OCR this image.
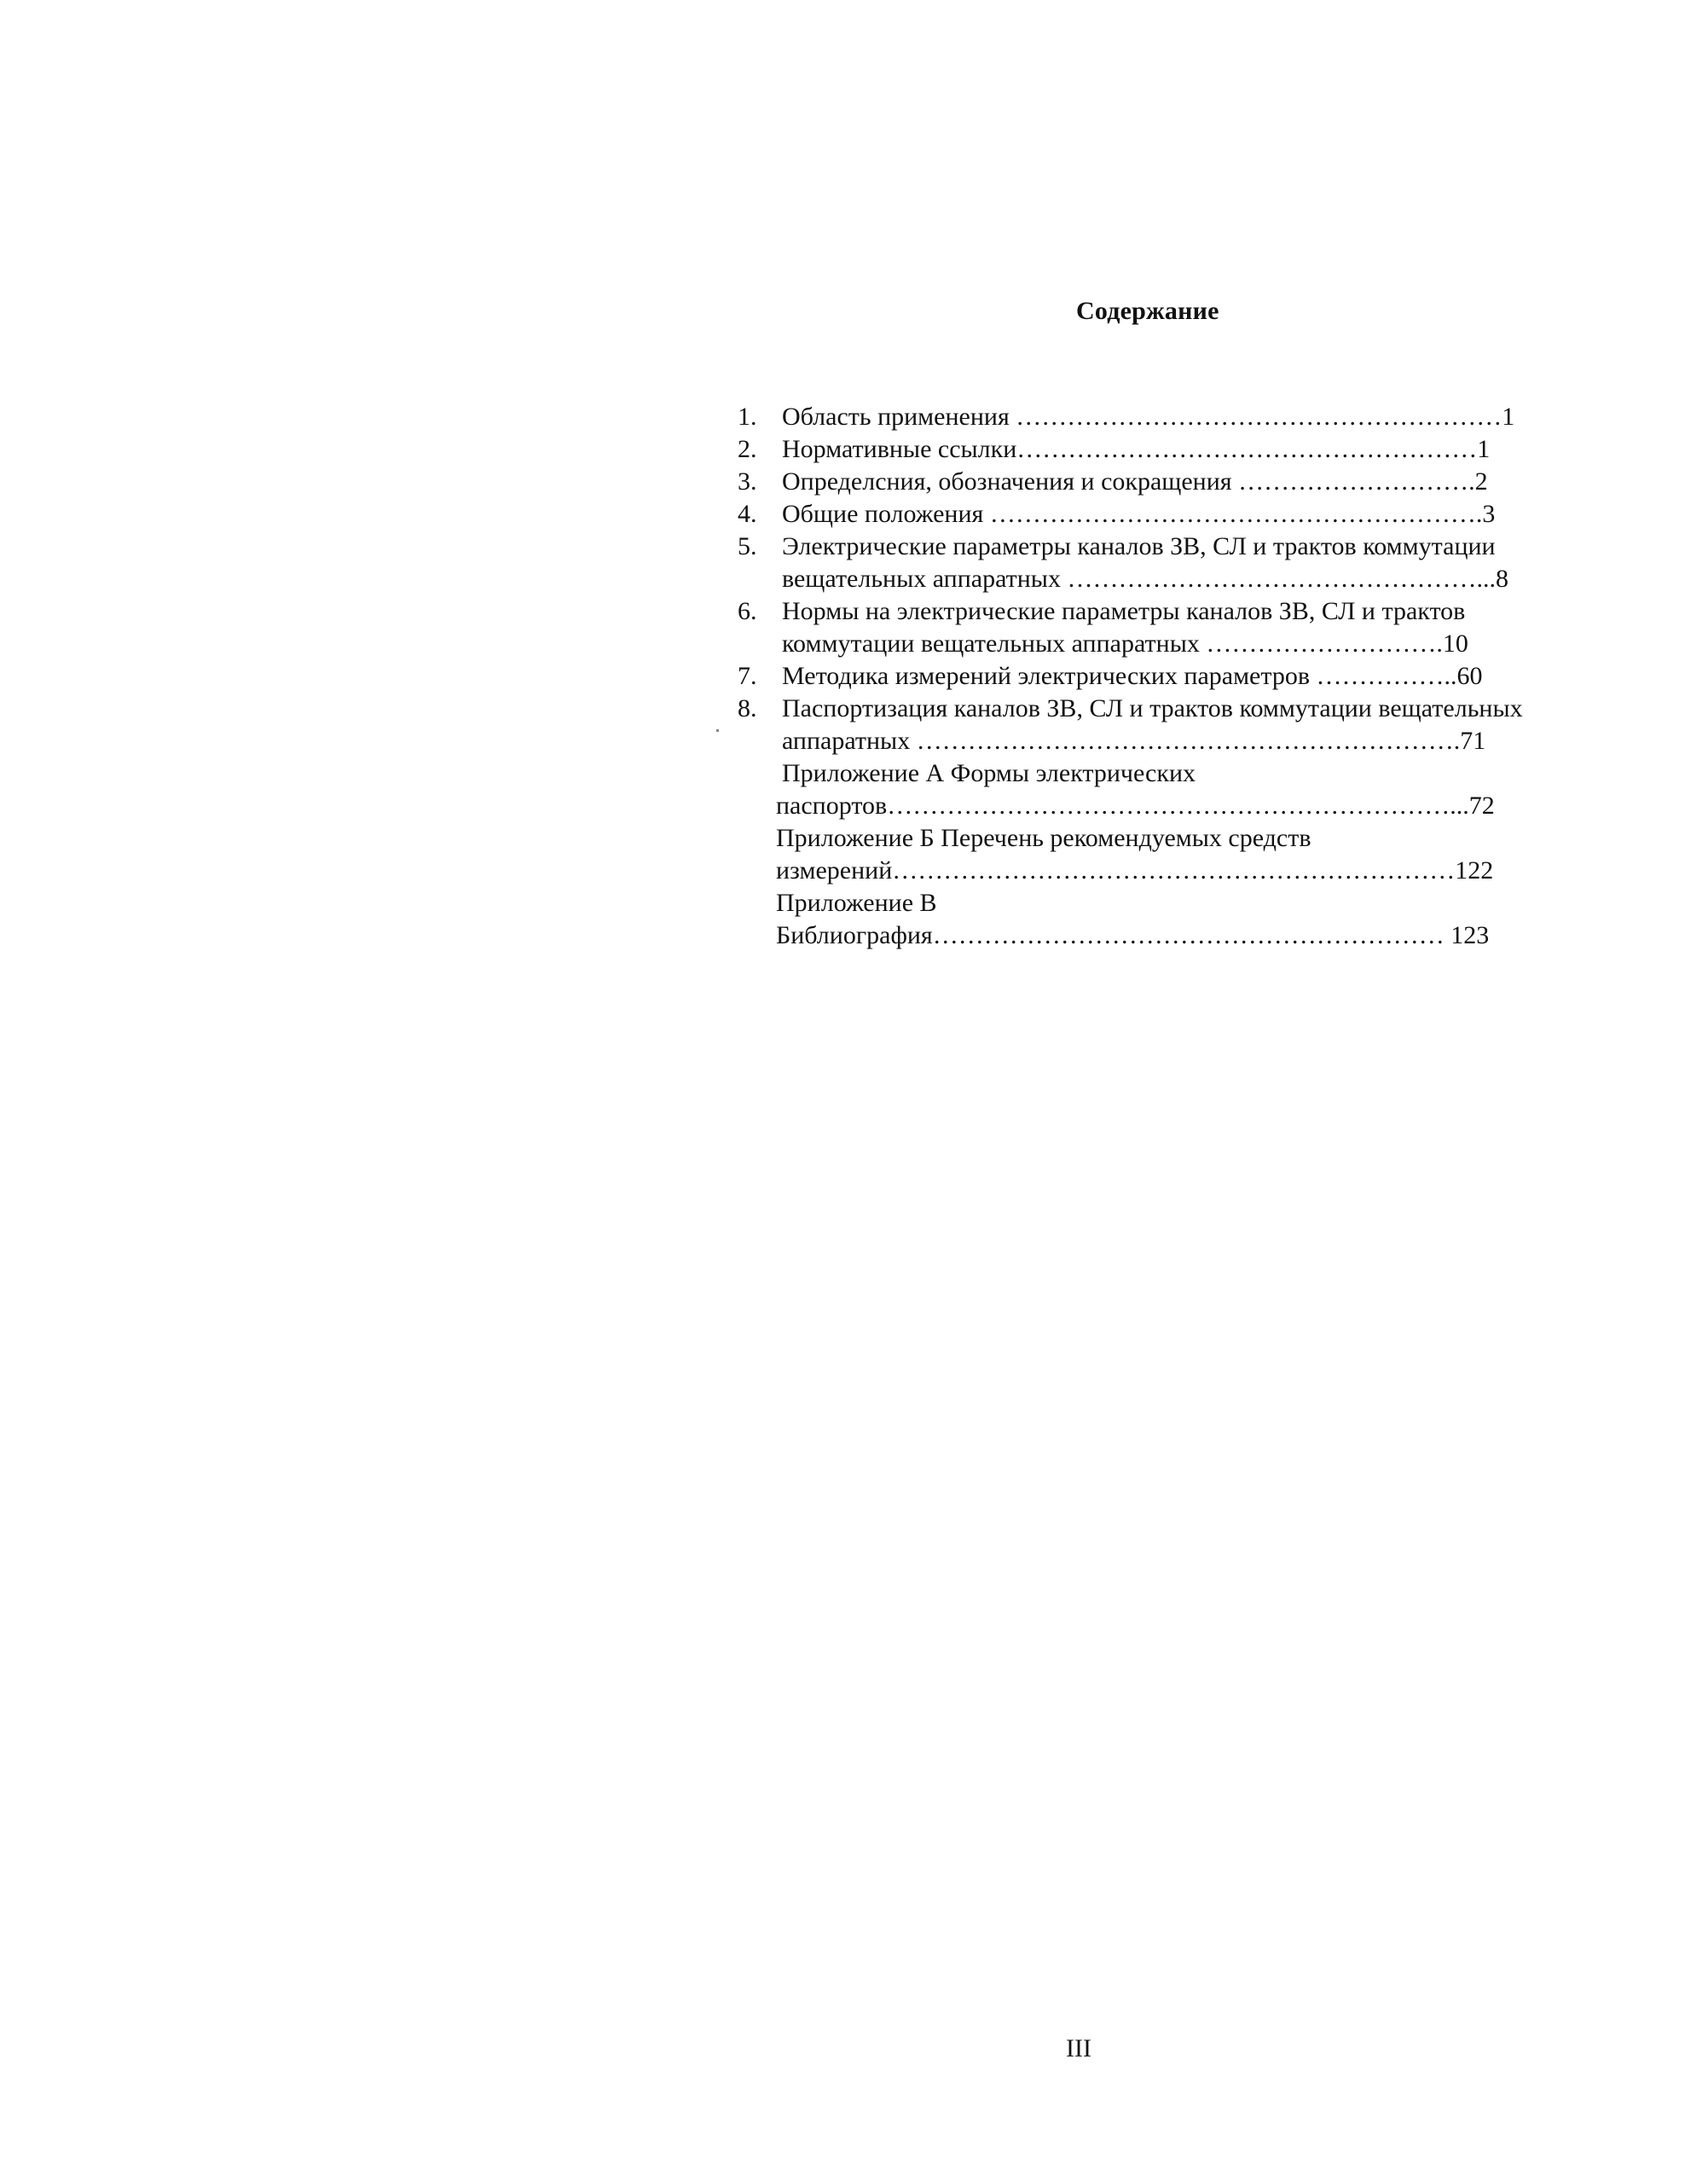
Содержание
1. Область применения …………………………………………………1
2. Нормативные ссылки………………………………………………1
3. Определсния, обозначения и сокращения ……………………….2
4. Общие положения ………………………………………………….3
5. Электрические параметры каналов ЗВ, СЛ и трактов коммутации
вещательных аппаратных …………………………………………...8
6. Нормы на электрические параметры каналов ЗВ, СЛ и трактов
коммутации вещательных аппаратных ……………………….10
7. Методика измерений электрических параметров ……………..60
8. Паспортизация каналов ЗВ, СЛ и трактов коммутации вещательных
аппаратных ……………………………………………………….71
Приложение А Формы электрических
паспортов…………………………………………………………...72
Приложение Б Перечень рекомендуемых средств
измерений…………………………………………………………122
Приложение В
Библиография…………………………………………………… 123
III
